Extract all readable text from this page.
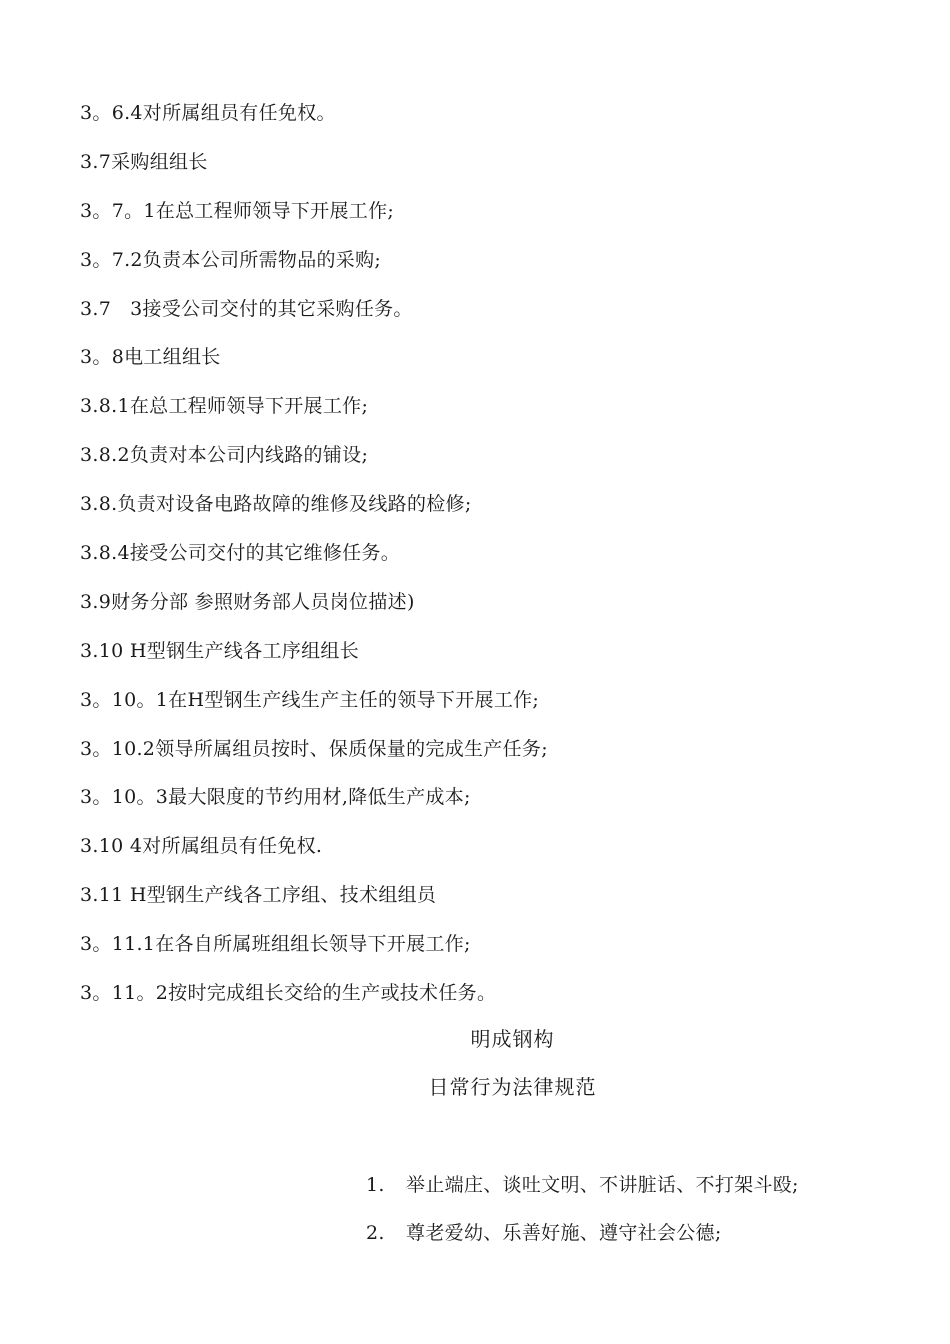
3。6.4对所属组员有任免权。
3.7采购组组长
3。7。1在总工程师领导下开展工作;
3。7.2负责本公司所需物品的采购;
3.7   3接受公司交付的其它采购任务。
3。8电工组组长
3.8.1在总工程师领导下开展工作;
3.8.2负责对本公司内线路的铺设;
3.8.负责对设备电路故障的维修及线路的检修;
3.8.4接受公司交付的其它维修任务。
3.9财务分部 参照财务部人员岗位描述)
3.10 H型钢生产线各工序组组长
3。10。1在H型钢生产线生产主任的领导下开展工作;
3。10.2领导所属组员按时、保质保量的完成生产任务;
3。10。3最大限度的节约用材,降低生产成本;
3.10 4对所属组员有任免权.
3.11 H型钢生产线各工序组、技术组组员
3。11.1在各自所属班组组长领导下开展工作;
3。11。2按时完成组长交给的生产或技术任务。
明成钢构
日常行为法律规范

1. 举止端庄、谈吐文明、不讲脏话、不打架斗殴;

2. 尊老爱幼、乐善好施、遵守社会公德;
